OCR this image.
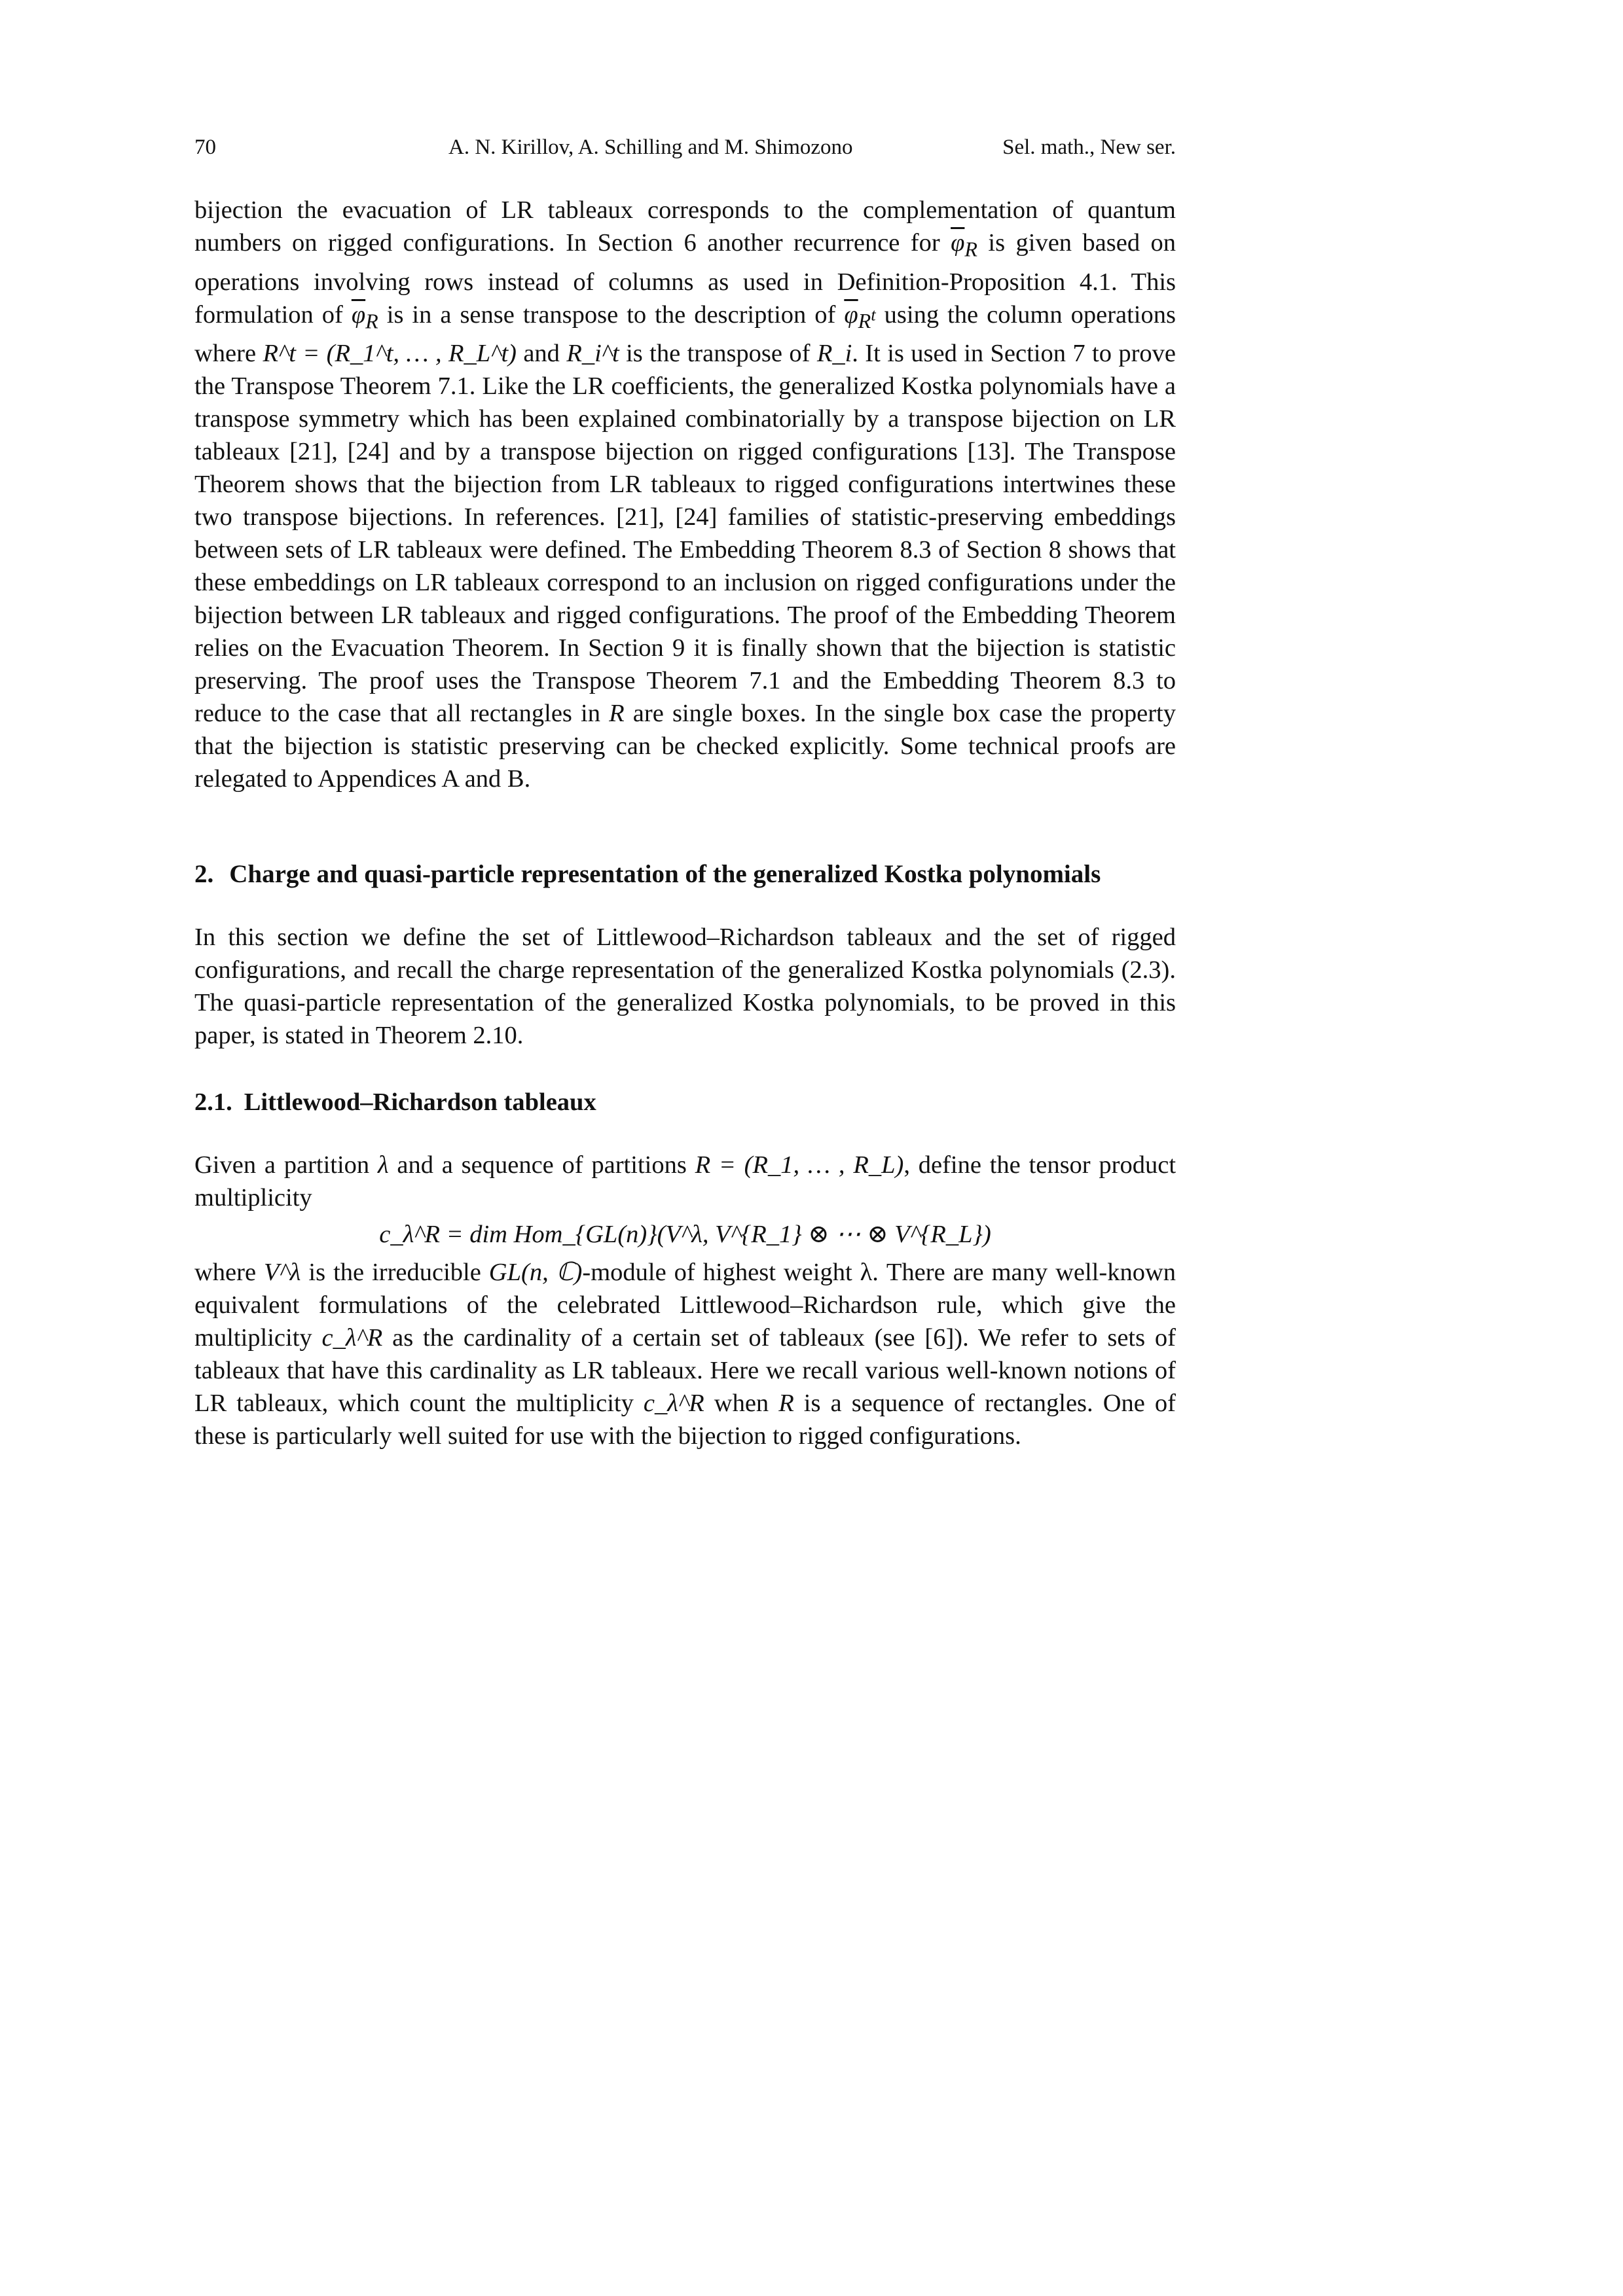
70	A. N. Kirillov, A. Schilling and M. Shimozono	Sel. math., New ser.

bijection the evacuation of LR tableaux corresponds to the complementation of quantum numbers on rigged configurations. In Section 6 another recurrence for $\overline{\varphi}_R$ is given based on operations involving rows instead of columns as used in Definition-Proposition 4.1. This formulation of $\overline{\varphi}_R$ is in a sense transpose to the description of $\overline{\varphi}_{R^t}$ using the column operations where R^t = (R_1^t, … , R_L^t) and R_i^t is the transpose of R_i. It is used in Section 7 to prove the Transpose Theorem 7.1. Like the LR coefficients, the generalized Kostka polynomials have a transpose symmetry which has been explained combinatorially by a transpose bijection on LR tableaux [21], [24] and by a transpose bijection on rigged configurations [13]. The Transpose Theorem shows that the bijection from LR tableaux to rigged configurations intertwines these two transpose bijections. In references. [21], [24] families of statistic-preserving embeddings between sets of LR tableaux were defined. The Embedding Theorem 8.3 of Section 8 shows that these embeddings on LR tableaux correspond to an inclusion on rigged configurations under the bijection between LR tableaux and rigged configurations. The proof of the Embedding Theorem relies on the Evacuation Theorem. In Section 9 it is finally shown that the bijection is statistic preserving. The proof uses the Transpose Theorem 7.1 and the Embedding Theorem 8.3 to reduce to the case that all rectangles in R are single boxes. In the single box case the property that the bijection is statistic preserving can be checked explicitly. Some technical proofs are relegated to Appendices A and B.

2. Charge and quasi-particle representation of the generalized Kostka polynomials

In this section we define the set of Littlewood–Richardson tableaux and the set of rigged configurations, and recall the charge representation of the generalized Kostka polynomials (2.3). The quasi-particle representation of the generalized Kostka polynomials, to be proved in this paper, is stated in Theorem 2.10.

2.1. Littlewood–Richardson tableaux

Given a partition λ and a sequence of partitions R = (R_1, … , R_L), define the tensor product multiplicity

c_λ^R = dim Hom_{GL(n)}(V^λ, V^{R_1} ⊗ ⋯ ⊗ V^{R_L})

where V^λ is the irreducible GL(n, ℂ)-module of highest weight λ. There are many well-known equivalent formulations of the celebrated Littlewood–Richardson rule, which give the multiplicity c_λ^R as the cardinality of a certain set of tableaux (see [6]). We refer to sets of tableaux that have this cardinality as LR tableaux. Here we recall various well-known notions of LR tableaux, which count the multiplicity c_λ^R when R is a sequence of rectangles. One of these is particularly well suited for use with the bijection to rigged configurations.
